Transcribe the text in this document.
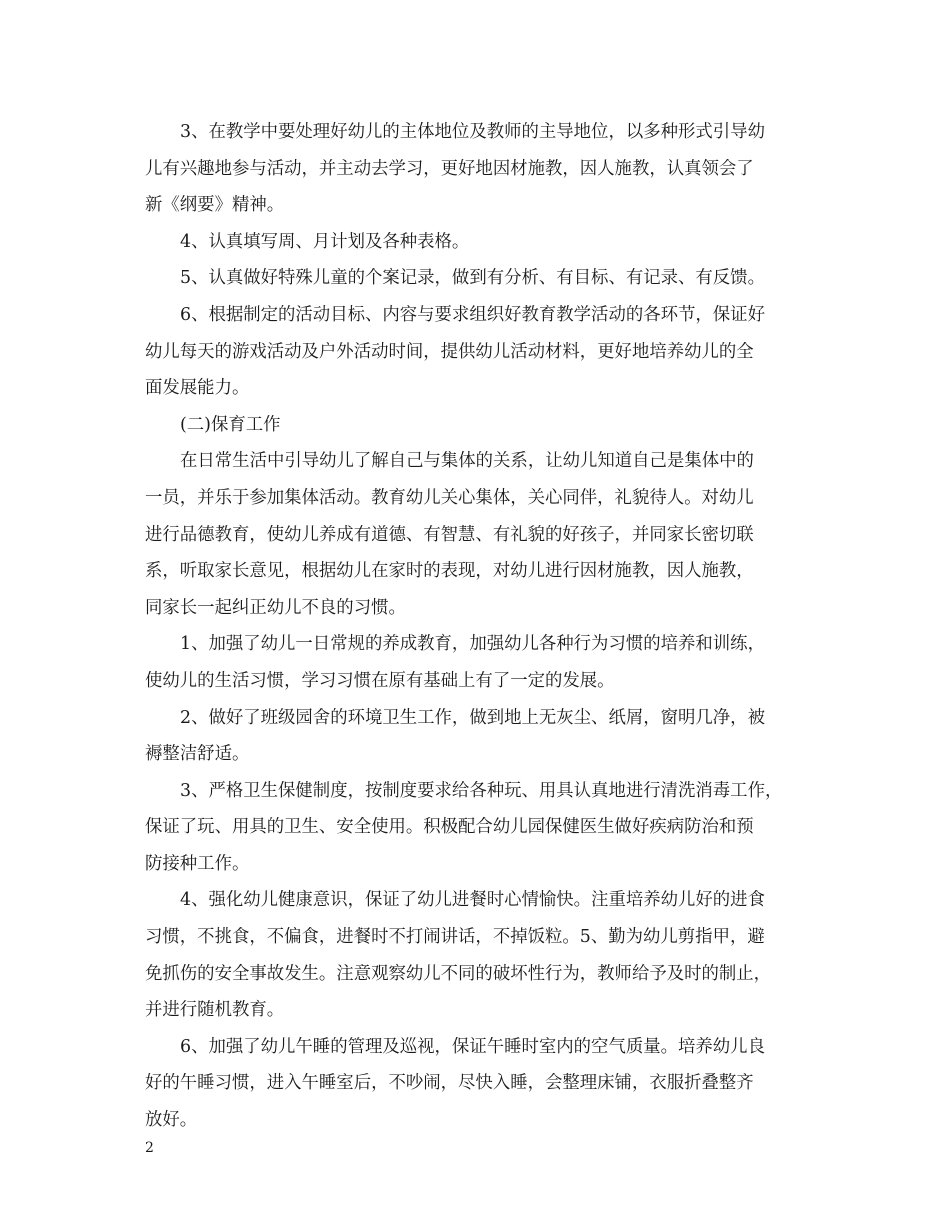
3、在教学中要处理好幼儿的主体地位及教师的主导地位，以多种形式引导幼
儿有兴趣地参与活动，并主动去学习，更好地因材施教，因人施教，认真领会了
新《纲要》精神。

4、认真填写周、月计划及各种表格。

5、认真做好特殊儿童的个案记录，做到有分析、有目标、有记录、有反馈。

6、根据制定的活动目标、内容与要求组织好教育教学活动的各环节，保证好
幼儿每天的游戏活动及户外活动时间，提供幼儿活动材料，更好地培养幼儿的全
面发展能力。

(二)保育工作

在日常生活中引导幼儿了解自己与集体的关系，让幼儿知道自己是集体中的
一员，并乐于参加集体活动。教育幼儿关心集体，关心同伴，礼貌待人。对幼儿
进行品德教育，使幼儿养成有道德、有智慧、有礼貌的好孩子，并同家长密切联
系，听取家长意见，根据幼儿在家时的表现，对幼儿进行因材施教，因人施教，
同家长一起纠正幼儿不良的习惯。

1、加强了幼儿一日常规的养成教育，加强幼儿各种行为习惯的培养和训练，
使幼儿的生活习惯，学习习惯在原有基础上有了一定的发展。

2、做好了班级园舍的环境卫生工作，做到地上无灰尘、纸屑，窗明几净，被
褥整洁舒适。

3、严格卫生保健制度，按制度要求给各种玩、用具认真地进行清洗消毒工作，
保证了玩、用具的卫生、安全使用。积极配合幼儿园保健医生做好疾病防治和预
防接种工作。

4、强化幼儿健康意识，保证了幼儿进餐时心情愉快。注重培养幼儿好的进食
习惯，不挑食，不偏食，进餐时不打闹讲话，不掉饭粒。5、勤为幼儿剪指甲，避
免抓伤的安全事故发生。注意观察幼儿不同的破坏性行为，教师给予及时的制止，
并进行随机教育。

6、加强了幼儿午睡的管理及巡视，保证午睡时室内的空气质量。培养幼儿良
好的午睡习惯，进入午睡室后，不吵闹，尽快入睡，会整理床铺，衣服折叠整齐
放好。

2
